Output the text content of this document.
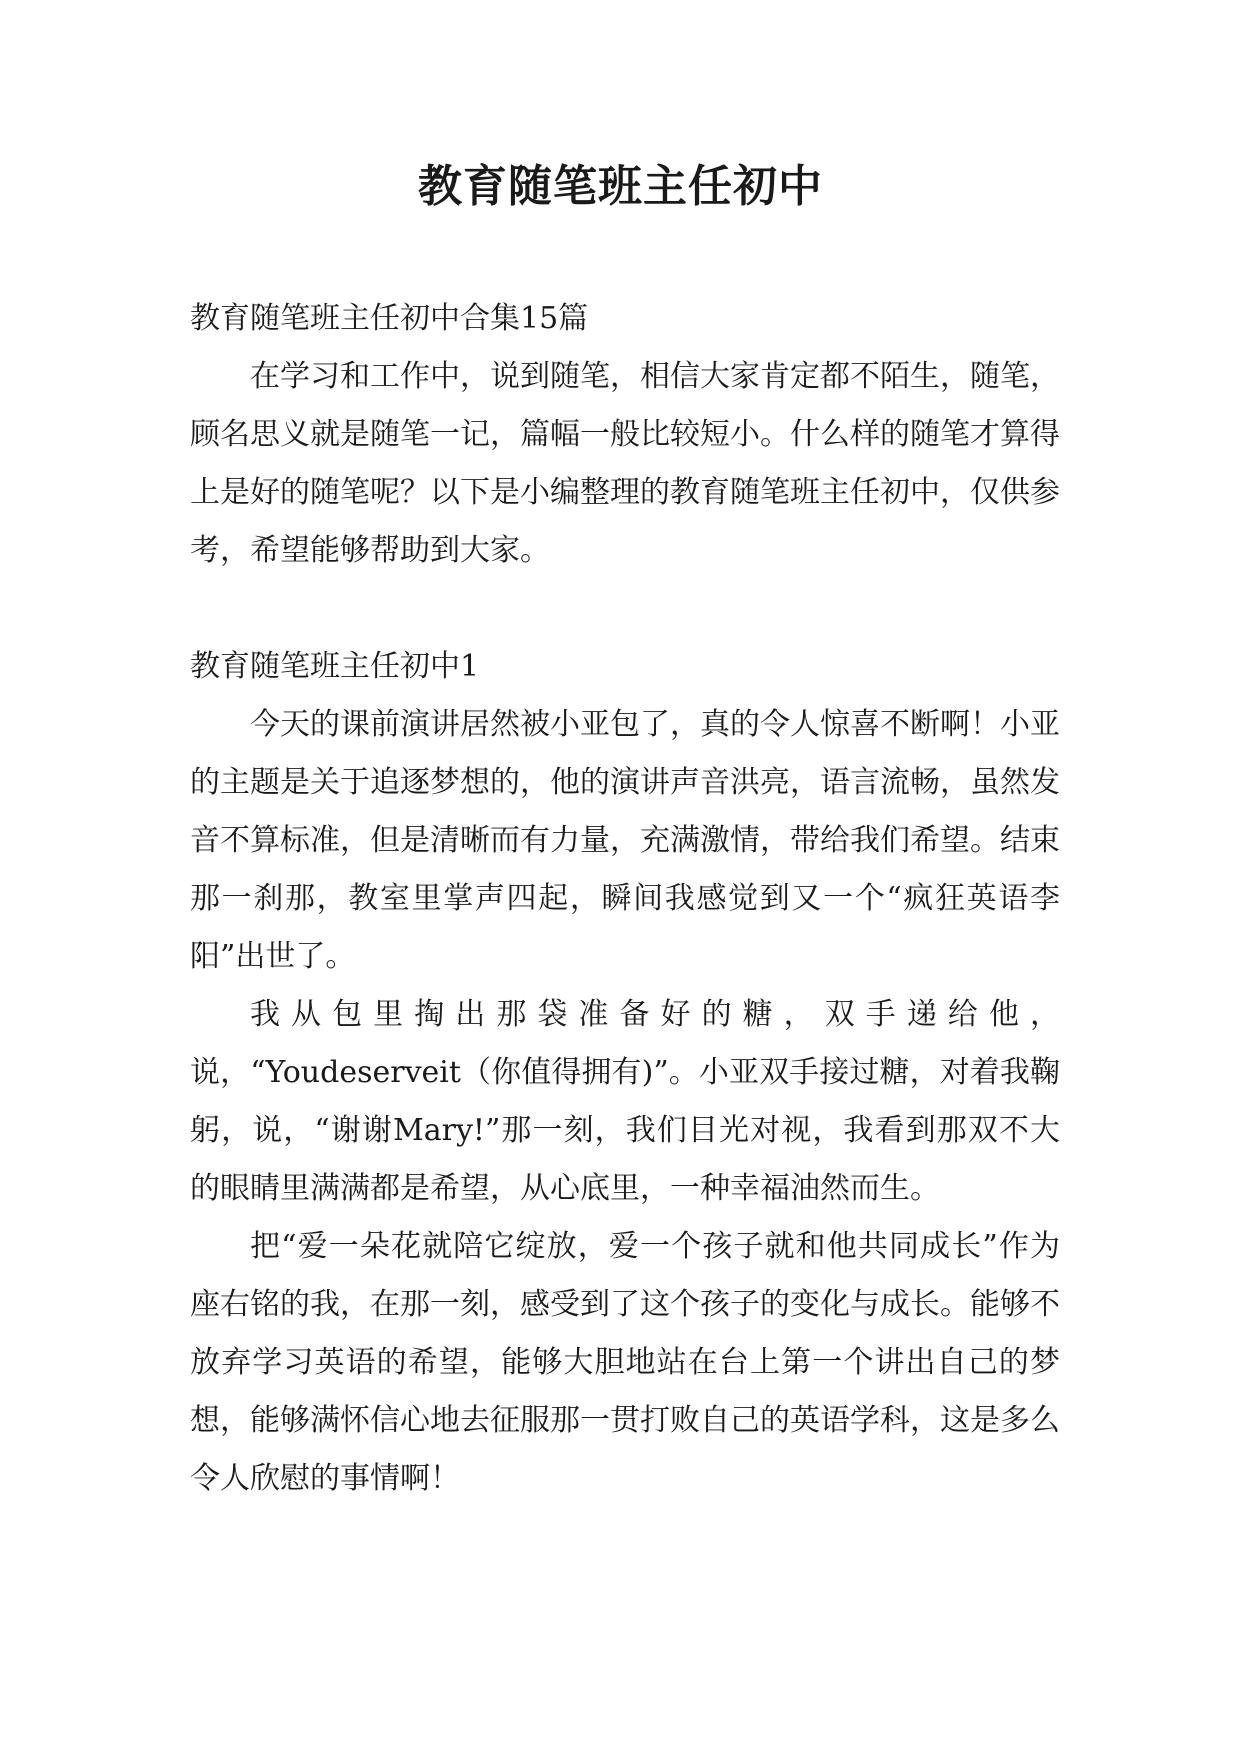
教育随笔班主任初中

教育随笔班主任初中合集15篇

在学习和工作中，说到随笔，相信大家肯定都不陌生，随笔，顾名思义就是随笔一记，篇幅一般比较短小。什么样的随笔才算得上是好的随笔呢？以下是小编整理的教育随笔班主任初中，仅供参考，希望能够帮助到大家。

教育随笔班主任初中1

今天的课前演讲居然被小亚包了，真的令人惊喜不断啊！小亚的主题是关于追逐梦想的，他的演讲声音洪亮，语言流畅，虽然发音不算标准，但是清晰而有力量，充满激情，带给我们希望。结束那一刹那，教室里掌声四起，瞬间我感觉到又一个“疯狂英语李阳”出世了。

我从包里掏出那袋准备好的糖，双手递给他，说，“Youdeserveit（你值得拥有)”。小亚双手接过糖，对着我鞠躬，说，“谢谢Mary!”那一刻，我们目光对视，我看到那双不大的眼睛里满满都是希望，从心底里，一种幸福油然而生。

把“爱一朵花就陪它绽放，爱一个孩子就和他共同成长”作为座右铭的我，在那一刻，感受到了这个孩子的变化与成长。能够不放弃学习英语的希望，能够大胆地站在台上第一个讲出自己的梦想，能够满怀信心地去征服那一贯打败自己的英语学科，这是多么令人欣慰的事情啊！
